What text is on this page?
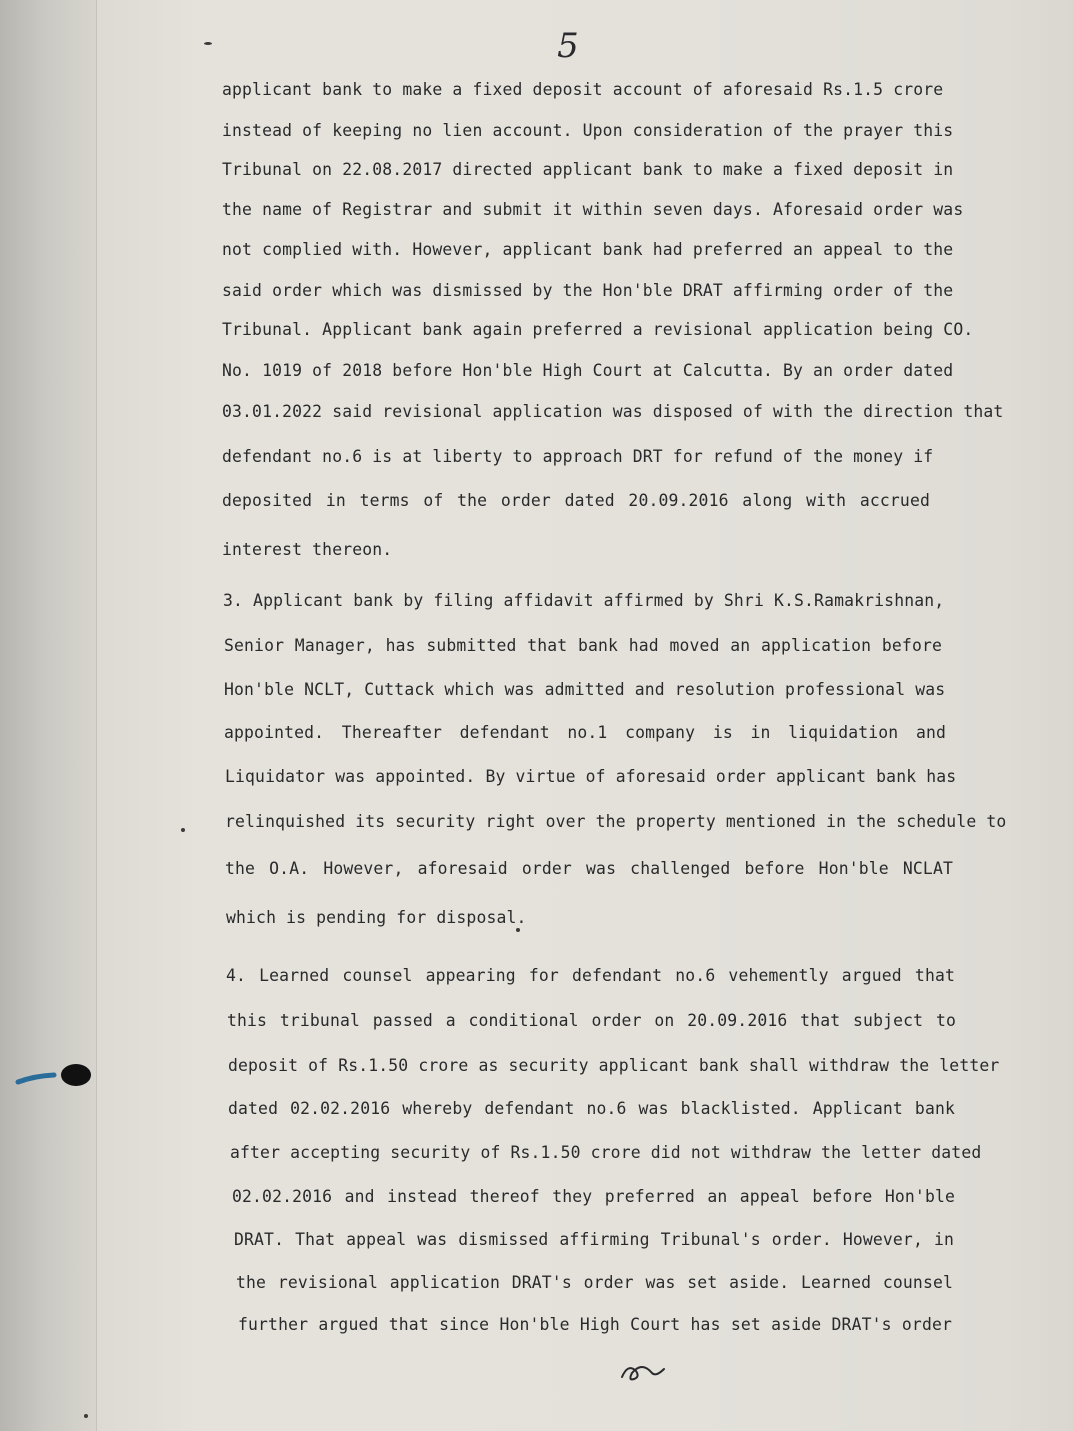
5
applicant bank to make a fixed deposit account of aforesaid Rs.1.5 crore
instead of keeping no lien account. Upon consideration of the prayer this
Tribunal on 22.08.2017 directed applicant bank to make a fixed deposit in
the name of Registrar and submit it within seven days. Aforesaid order was
not complied with. However, applicant bank had preferred an appeal to the
said order which was dismissed by the Hon'ble DRAT affirming order of the
Tribunal. Applicant bank again preferred a revisional application being CO.
No. 1019 of 2018 before Hon'ble High Court at Calcutta. By an order dated
03.01.2022 said revisional application was disposed of with the direction that
defendant no.6 is at liberty to approach DRT for refund of the money if
deposited in terms of the order dated 20.09.2016 along with accrued
interest thereon.
3. Applicant bank by filing affidavit affirmed by Shri K.S.Ramakrishnan,
Senior Manager, has submitted that bank had moved an application before
Hon'ble NCLT, Cuttack which was admitted and resolution professional was
appointed. Thereafter defendant no.1 company is in liquidation and
Liquidator was appointed. By virtue of aforesaid order applicant bank has
relinquished its security right over the property mentioned in the schedule to
the O.A. However, aforesaid order was challenged before Hon'ble NCLAT
which is pending for disposal.
4. Learned counsel appearing for defendant no.6 vehemently argued that
this tribunal passed a conditional order on 20.09.2016 that subject to
deposit of Rs.1.50 crore as security applicant bank shall withdraw the letter
dated 02.02.2016 whereby defendant no.6 was blacklisted. Applicant bank
after accepting security of Rs.1.50 crore did not withdraw the letter dated
02.02.2016 and instead thereof they preferred an appeal before Hon'ble
DRAT. That appeal was dismissed affirming Tribunal's order. However, in
the revisional application DRAT's order was set aside. Learned counsel
further argued that since Hon'ble High Court has set aside DRAT's order
